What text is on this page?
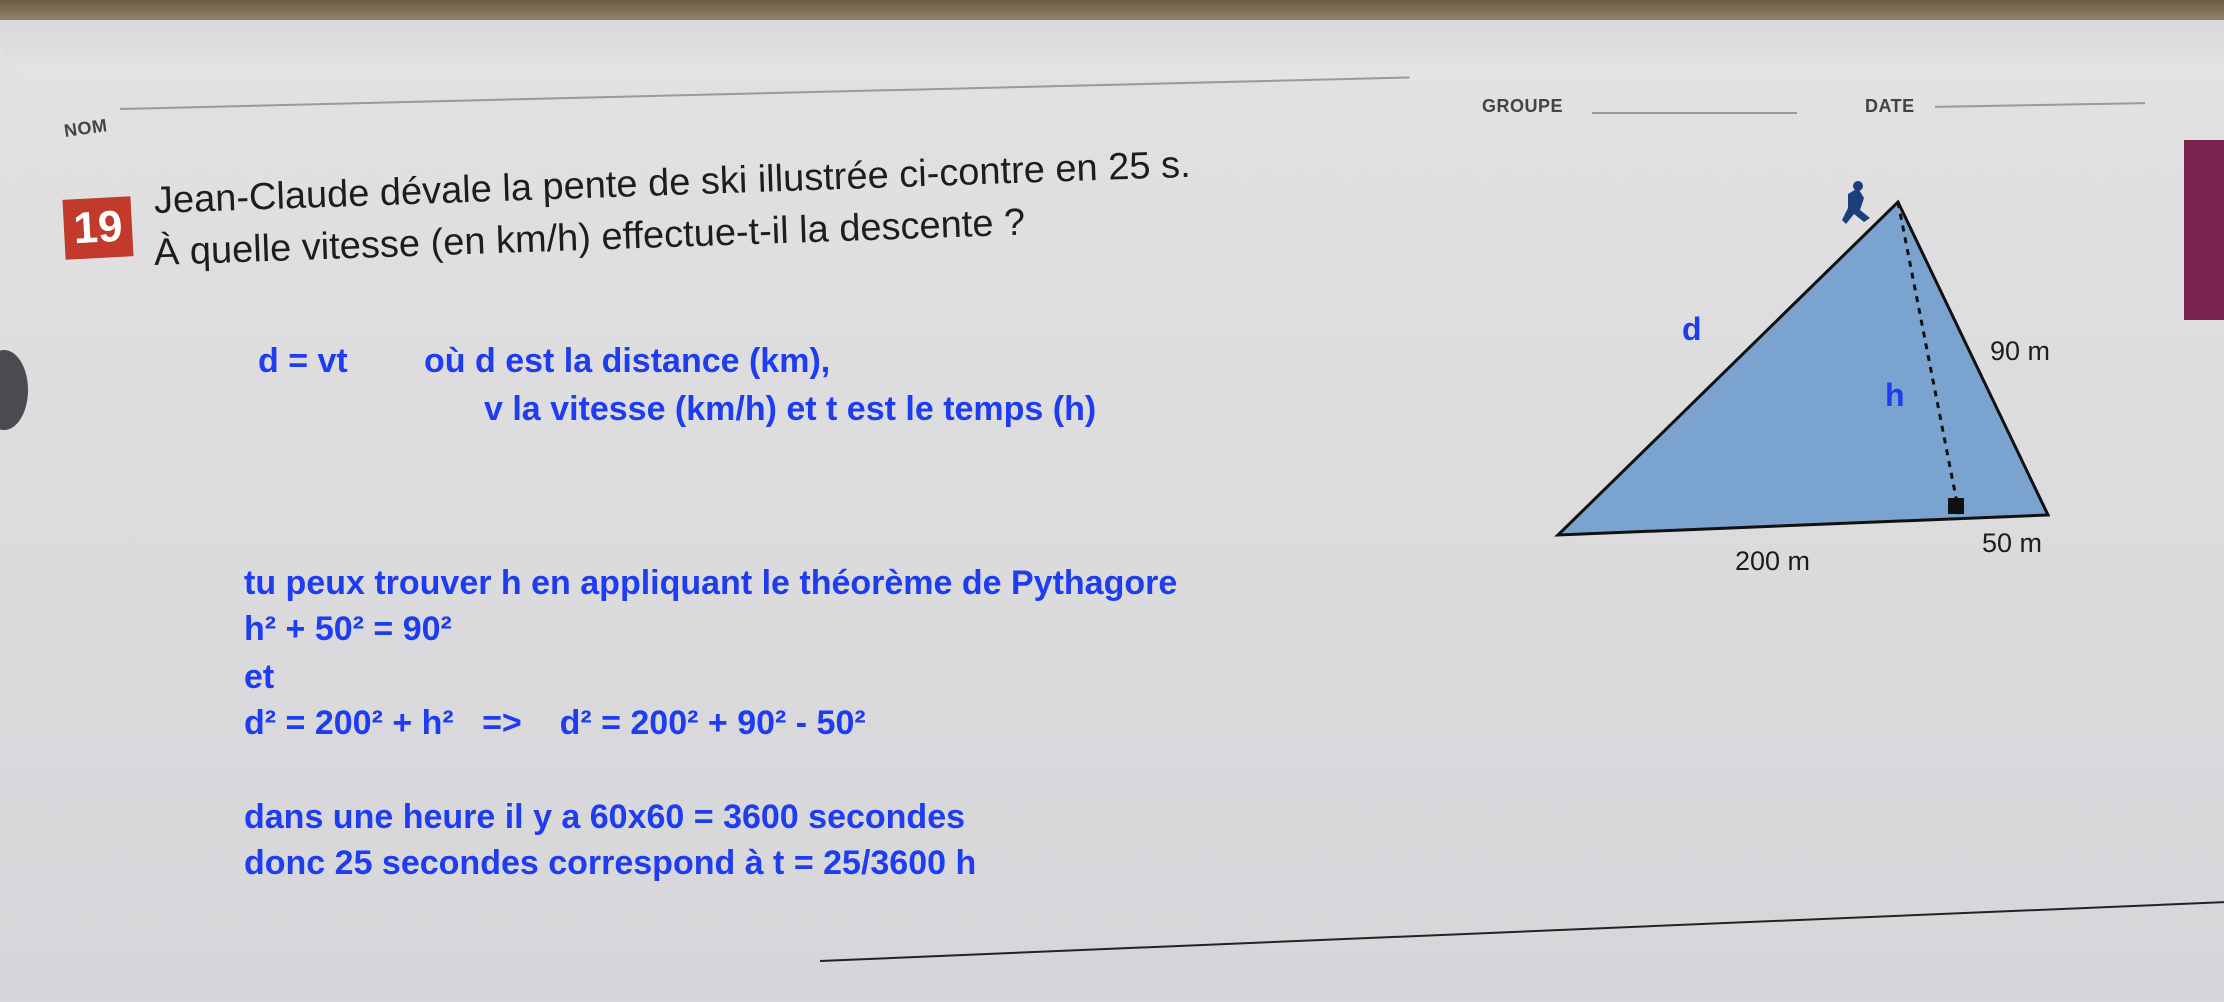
NOM
GROUPE	DATE
19
Jean-Claude dévale la pente de ski illustrée ci-contre en 25 s.
À quelle vitesse (en km/h) effectue-t-il la descente ?
d = vt où d est la distance (km),
v la vitesse (km/h) et t est le temps (h)
tu peux trouver h en appliquant le théorème de Pythagore
h² + 50² = 90²
et
d² = 200² + h²   =>    d² = 200² + 90² - 50²
dans une heure il y a 60x60 = 3600 secondes
donc 25 secondes correspond à t = 25/3600 h
d
h
90 m
200 m
50 m
